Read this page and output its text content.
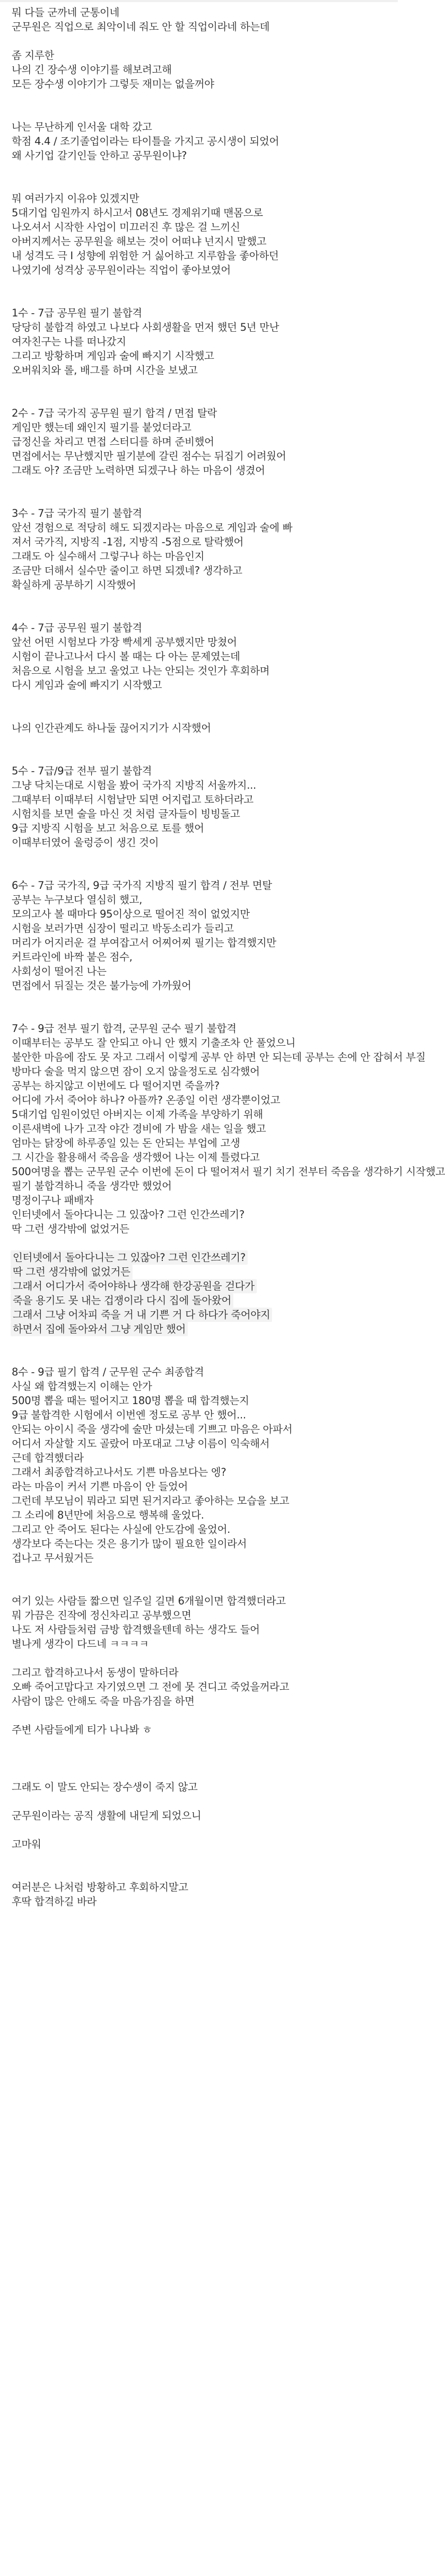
뭐 다들 군까네 군통이네
군무원은 직업으로 최악이네 줘도 안 할 직업이라네 하는데
좀 지루한
나의 긴 장수생 이야기를 해보려고해
모든 장수생 이야기가 그렇듯 재미는 없을꺼야
나는 무난하게 인서울 대학 갔고
학점 4.4 / 조기졸업이라는 타이틀을 가지고 공시생이 되었어
왜 사기업 갈기인들 안하고 공무원이냐?
뭐 여러가지 이유야 있겠지만
5대기업 임원까지 하시고서 08년도 경제위기때 맨몸으로
나오셔서 시작한 사업이 미끄러진 후 많은 걸 느끼신
아버지께서는 공무원을 해보는 것이 어떠냐 넌지시 말했고
내 성격도 극 I 성향에 위험한 거 싫어하고 지루함을 좋아하던
나였기에 성격상 공무원이라는 직업이 좋아보였어
1수 - 7급 공무원 필기 불합격
당당히 불합격 하였고 나보다 사회생활을 먼저 했던 5년 만난
여자친구는 나를 떠나갔지
그리고 방황하며 게임과 술에 빠지기 시작했고
오버워치와 롤, 배그를 하며 시간을 보냈고
2수 - 7급 국가직 공무원 필기 합격 / 면접 탈락
게임만 했는데 왜인지 필기를 붙었더라고
급정신을 차리고 면접 스터디를 하며 준비했어
면접에서는 무난했지만 필기분에 갈린 점수는 뒤집기 어려웠어
그래도 아? 조금만 노력하면 되겠구나 하는 마음이 생겼어
3수 - 7급 국가직 필기 불합격
앞선 경험으로 적당히 해도 되겠지라는 마음으로 게임과 술에 빠
져서 국가직, 지방직 -1점, 지방직 -5점으로 탈락했어
그래도 아 실수해서 그렇구나 하는 마음인지
조금만 더해서 실수만 줄이고 하면 되겠네? 생각하고
확실하게 공부하기 시작했어
4수 - 7급 공무원 필기 불합격
앞선 어떤 시험보다 가장 빡세게 공부했지만 망쳤어
시험이 끝나고나서 다시 볼 때는 다 아는 문제였는데
처음으로 시험을 보고 울었고 나는 안되는 것인가 후회하며
다시 게임과 술에 빠지기 시작했고
나의 인간관계도 하나둘 끊어지기가 시작했어
5수 - 7급/9급 전부 필기 불합격
그냥 닥치는대로 시험을 봤어 국가직 지방직 서울까지...
그때부터 이때부터 시험날만 되면 어지럽고 토하더라고
시험치를 보면 술을 마신 것 처럼 글자들이 빙빙돌고
9급 지방직 시험을 보고 처음으로 토를 했어
이때부터였어 울렁증이 생긴 것이
6수 - 7급 국가직, 9급 국가직 지방직 필기 합격 / 전부 면탈
공부는 누구보다 열심히 했고,
모의고사 볼 때마다 95이상으로 떨어진 적이 없었지만
시험을 보러가면 심장이 떨리고 박동소리가 들리고
머리가 어지러운 걸 부여잡고서 어찌어찌 필기는 합격했지만
커트라인에 바짝 붙은 점수,
사회성이 떨어진 나는
면접에서 뒤질는 것은 불가능에 가까웠어
7수 - 9급 전부 필기 합격, 군무원 군수 필기 불합격
이때부터는 공부도 잘 안되고 아니 안 했지 기출조차 안 풀었으니
불안한 마음에 잠도 못 자고 그래서 이렇게 공부 안 하면 안 되는데 공부는 손에 안 잡혀서 부질
방마다 술을 먹지 않으면 잠이 오지 않을정도로 심각했어
공부는 하지않고 이번에도 다 떨어지면 죽을까?
어디에 가서 죽어야 하나? 아플까? 온종일 이런 생각뿐이었고
5대기업 임원이었던 아버지는 이제 가족을 부양하기 위해
이른새벽에 나가 고작 야간 경비에 가 밤을 새는 일을 했고
엄마는 닭장에 하루종일 있는 돈 안되는 부업에 고생
그 시간을 활용해서 죽음을 생각했어 나는 이제 틀렸다고
500여명을 뽑는 군무원 군수 이번에 돈이 다 떨어져서 필기 치기 전부터 죽음을 생각하기 시작했고
필기 불합격하니 죽을 생각만 했었어
명정이구나 패배자
인터넷에서 돌아다니는 그 있잖아? 그런 인간쓰레기?
딱 그런 생각밖에 없었거든
인터넷에서 돌아다니는 그 있잖아? 그런 인간쓰레기?
딱 그런 생각밖에 없었거든
그래서 어디가서 죽어야하나 생각해 한강공원을 걷다가
죽을 용기도 못 내는 겁쟁이라 다시 집에 돌아왔어
그래서 그냥 어차피 죽을 거 내 기쁜 거 다 하다가 죽어야지
하면서 집에 돌아와서 그냥 게임만 했어
8수 - 9급 필기 합격 / 군무원 군수 최종합격
사실 왜 합격했는지 이해는 안가
500명 뽑을 때는 떨어지고 180명 뽑을 때 합격했는지
9급 불합격한 시험에서 이번엔 정도로 공부 안 했어...
안되는 아이시 죽을 생각에 술만 마셨는데 기쁘고 마음은 아파서
어디서 자살할 지도 골랐어 마포대교 그냥 이름이 익숙해서
근데 합격했더라
그래서 최종합격하고나서도 기쁜 마음보다는 엥?
라는 마음이 커서 기쁜 마음이 안 들었어
그런데 부모님이 뭐라고 되면 된거지라고 좋아하는 모습을 보고
그 소리에 8년만에 처음으로 행복해 울었다.
그리고 안 죽어도 된다는 사실에 안도감에 울었어.
생각보다 죽는다는 것은 용기가 많이 필요한 일이라서
겁나고 무서웠거든
여기 있는 사람들 짧으면 일주일 길면 6개월이면 합격했더라고
뭐 가끔은 진작에 정신차리고 공부했으면
나도 저 사람들처럼 금방 합격했을텐데 하는 생각도 들어
별나게 생각이 다드네 ㅋㅋㅋㅋ
그리고 합격하고나서 동생이 말하더라
오빠 죽어고맙다고 자기였으면 그 전에 못 견디고 죽었을꺼라고
사람이 많은 안해도 죽을 마음가짐을 하면
주변 사람들에게 티가 나나봐 ㅎ
그래도 이 말도 안되는 장수생이 죽지 않고
군무원이라는 공직 생활에 내딛게 되었으니
고마워
여러분은 나처럼 방황하고 후회하지말고
후딱 합격하길 바라
